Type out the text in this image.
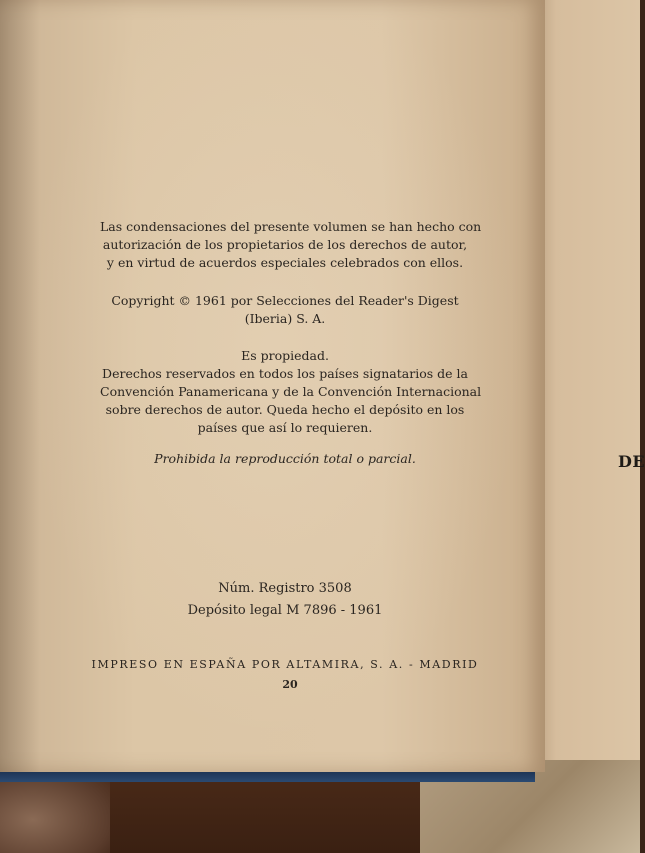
DE
Las condensaciones del presente volumen se han hecho con
autorización de los propietarios de los derechos de autor,
y en virtud de acuerdos especiales celebrados con ellos.
Copyright © 1961 por Selecciones del Reader's Digest
(Iberia) S. A.
Es propiedad.
Derechos reservados en todos los países signatarios de la
Convención Panamericana y de la Convención Internacional
sobre derechos de autor. Queda hecho el depósito en los
países que así lo requieren.
Prohibida la reproducción total o parcial.
Núm. Registro 3508
Depósito legal M 7896 - 1961
IMPRESO EN ESPAÑA POR ALTAMIRA, S. A. - MADRID
20
